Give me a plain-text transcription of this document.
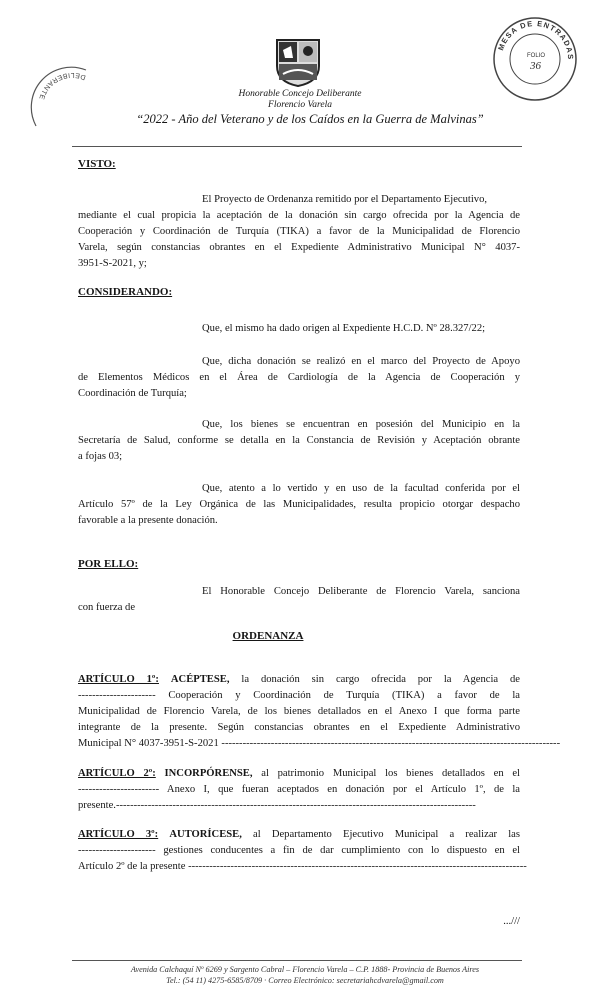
Honorable Concejo Deliberante
Florencio Varela
“2022 - Año del Veterano y de los Caídos en la Guerra de Malvinas”
MESA DE ENTRADAS
FOLIO
36
DELIBERANTE
VISTO:
El Proyecto de Ordenanza remitido por el Departamento Ejecutivo,
mediante el cual propicia la aceptación de la donación sin cargo ofrecida por la Agencia de
Cooperación y Coordinación de Turquía (TIKA) a favor de la Municipalidad de Florencio
Varela, según constancias obrantes en el Expediente Administrativo Municipal N° 4037-
3951-S-2021, y;
CONSIDERANDO:
Que, el mismo ha dado origen al Expediente H.C.D. Nº 28.327/22;
Que, dicha donación se realizó en el marco del Proyecto de Apoyo
de Elementos Médicos en el Área de Cardiología de la Agencia de Cooperación y
Coordinación de Turquía;
Que, los bienes se encuentran en posesión del Municipio en la
Secretaría de Salud, conforme se detalla en la Constancia de Revisión y Aceptación obrante
a fojas 03;
Que, atento a lo vertido y en uso de la facultad conferida por el
Artículo 57º de la Ley Orgánica de las Municipalidades, resulta propicio otorgar despacho
favorable a la presente donación.
POR ELLO:
El Honorable Concejo Deliberante de Florencio Varela, sanciona
con fuerza de
ORDENANZA
ARTÍCULO 1º: ACÉPTESE, la donación sin cargo ofrecida por la Agencia de
---------------------- Cooperación y Coordinación de Turquía (TIKA) a favor de la
Municipalidad de Florencio Varela, de los bienes detallados en el Anexo I que forma parte
integrante de la presente. Según constancias obrantes en el Expediente Administrativo
Municipal N° 4037-3951-S-2021 ------------------------------------------------------------------------------------------------
ARTÍCULO 2º: INCORPÓRENSE, al patrimonio Municipal los bienes detallados en el
----------------------- Anexo I, que fueran aceptados en donación por el Artículo 1º, de la
presente.------------------------------------------------------------------------------------------------------
ARTÍCULO 3º: AUTORÍCESE, al Departamento Ejecutivo Municipal a realizar las
---------------------- gestiones conducentes a fin de dar cumplimiento con lo dispuesto en el
Artículo 2º de la presente ------------------------------------------------------------------------------------------------
...///
Avenida Calchaquí Nº 6269 y Sargento Cabral – Florencio Varela – C.P. 1888- Provincia de Buenos Aires
Tel.: (54 11) 4275-6585/8709 · Correo Electrónico: secretariahcdvarela@gmail.com
